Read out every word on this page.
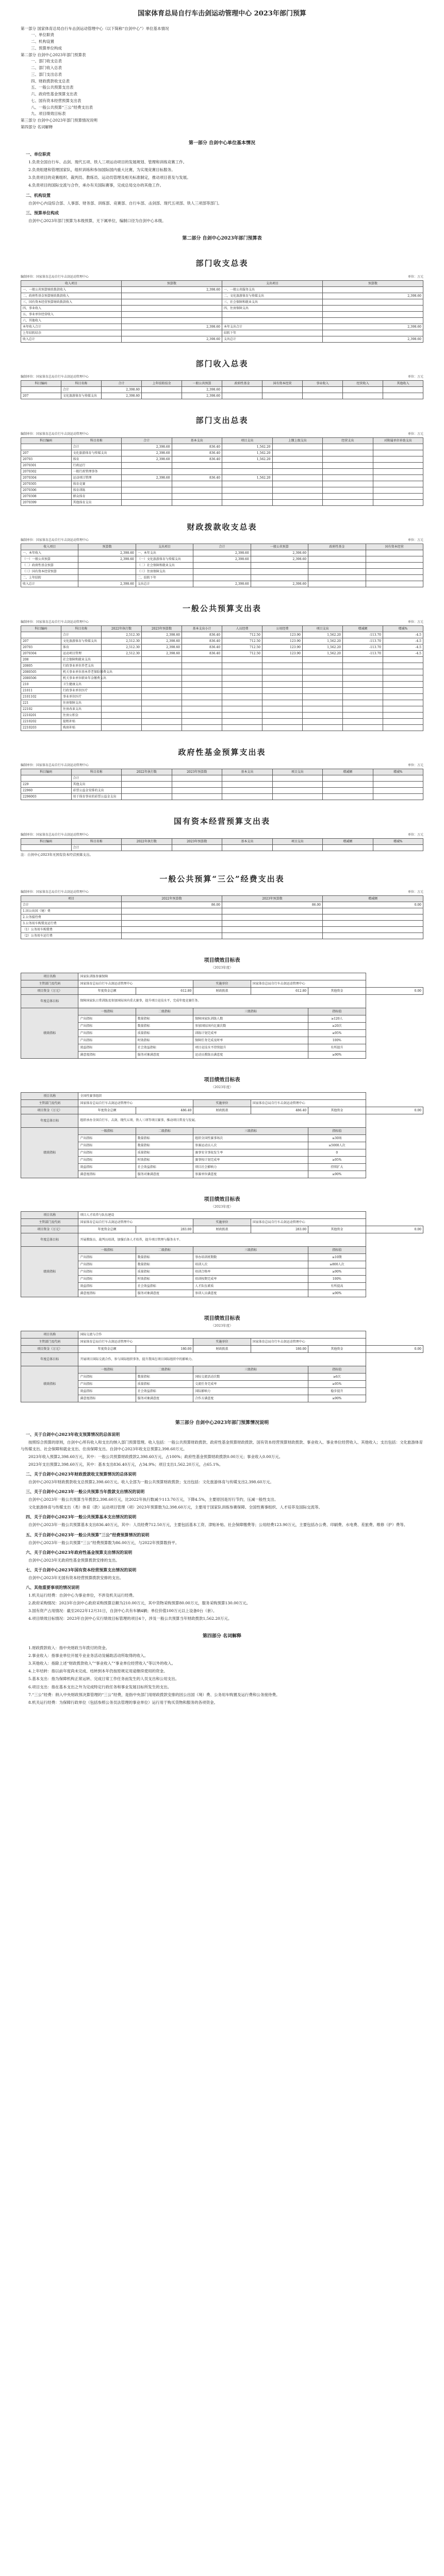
国家体育总局自行车击剑运动管理中心 2023年部门预算
第一部分 国家体育总局自行车击剑运动管理中心（以下简称“自剑中心”）单位基本情况
一、单位职责
二、机构设置
三、预算单位构成
第二部分 自剑中心2023年部门预算表
一、部门收支总表
二、部门收入总表
三、部门支出总表
四、财政拨款收支总表
五、一般公共预算支出表
六、政府性基金预算支出表
七、国有资本经营预算支出表
八、一般公共预算“三公”经费支出表
九、项目绩效目标表
第三部分 自剑中心2023年部门预算情况说明
第四部分 名词解释
第一部分 自剑中心单位基本情况
一、单位职责
1.负责全国自行车、击剑、现代五项、铁人三项运动项目的发展规划、管理和训练竞赛工作。
2.负责组建和管理国家队，组织训练和参加国际国内重大比赛，为实现竞赛目标服务。
3.负责项目的竞赛组织、裁判员、教练员、运动员管理及相关标准制定，推动项目普及与发展。
4.负责项目的国际交流与合作，承办有关国际赛事，完成总局交办的其他工作。
二、机构设置
自剑中心内设综合部、人事部、财务部、训练部、竞赛部、自行车部、击剑部、现代五项部、铁人三项部等部门。
三、预算单位构成
自剑中心2023年部门预算为本级预算，无下属单位，编制口径为自剑中心本级。
第二部分 自剑中心2023年部门预算表
部门收支总表
编制单位：国家体育总局自行车击剑运动管理中心	单位：万元
收入项目	预算数	支出项目	预算数
一、一般公共预算财政拨款收入	2,398.60	一、一般公共服务支出	
二、政府性基金预算财政拨款收入		二、文化旅游体育与传媒支出	2,398.60
三、国有资本经营预算财政拨款收入		三、社会保障和就业支出	
四、事业收入		四、住房保障支出	
五、事业单位经营收入			
六、其他收入			
本年收入合计	2,398.60	本年支出合计	2,398.60
上年结转结余		结转下年	
收入总计	2,398.60	支出总计	2,398.60
部门收入总表
编制单位：国家体育总局自行车击剑运动管理中心	单位：万元
科目编码	科目名称	合计	上年结转结余	一般公共预算	政府性基金	国有资本经营	事业收入	经营收入	其他收入
	合计	2,398.60		2,398.60					
207	文化旅游体育与传媒支出	2,398.60		2,398.60					
部门支出总表
编制单位：国家体育总局自行车击剑运动管理中心	单位：万元
科目编码	科目名称	合计	基本支出	项目支出	上缴上级支出	经营支出	对附属单位补助支出
	合计	2,398.60	836.40	1,562.20			
207	文化旅游体育与传媒支出	2,398.60	836.40	1,562.20			
20703	体育	2,398.60	836.40	1,562.20			
2070301	行政运行						
2070302	一般行政管理事务						
2070304	运动项目管理	2,398.60	836.40	1,562.20			
2070305	体育竞赛						
2070306	体育训练						
2070308	群众体育						
2070399	其他体育支出						
财政拨款收支总表
编制单位：国家体育总局自行车击剑运动管理中心	单位：万元
收入项目	预算数	支出项目	合计	一般公共预算	政府性基金	国有资本经营
一、本年收入	2,398.60	一、本年支出	2,398.60	2,398.60		
（一）一般公共预算	2,398.60	（一）文化旅游体育与传媒支出	2,398.60	2,398.60		
（二）政府性基金预算		（二）社会保障和就业支出				
（三）国有资本经营预算		（三）住房保障支出				
二、上年结转		二、结转下年				
收入总计	2,398.60	支出总计	2,398.60	2,398.60		
一般公共预算支出表
编制单位：国家体育总局自行车击剑运动管理中心	单位：万元
科目编码	科目名称	2022年执行数	2023年预算数	基本支出小计	人员经费	公用经费	项目支出	增减额	增减%
	合计	2,512.30	2,398.60	836.40	712.50	123.90	1,562.20	-113.70	-4.5
207	文化旅游体育与传媒支出	2,512.30	2,398.60	836.40	712.50	123.90	1,562.20	-113.70	-4.5
20703	体育	2,512.30	2,398.60	836.40	712.50	123.90	1,562.20	-113.70	-4.5
2070304	运动项目管理	2,512.30	2,398.60	836.40	712.50	123.90	1,562.20	-113.70	-4.5
208	社会保障和就业支出								
20805	行政事业单位养老支出								
2080505	机关事业单位基本养老保险缴费支出								
2080506	机关事业单位职业年金缴费支出								
210	卫生健康支出								
21011	行政事业单位医疗								
2101102	事业单位医疗								
221	住房保障支出								
22102	住房改革支出								
2210201	住房公积金								
2210202	提租补贴								
2210203	购房补贴								
政府性基金预算支出表
编制单位：国家体育总局自行车击剑运动管理中心	单位：万元
科目编码	科目名称	2022年执行数	2023年预算数	基本支出	项目支出	增减额	增减%
	合计						
229	其他支出						
22960	彩票公益金安排的支出						
2296003	用于体育事业的彩票公益金支出						
国有资本经营预算支出表
编制单位：国家体育总局自行车击剑运动管理中心	单位：万元
科目编码	科目名称	2022年执行数	2023年预算数	基本支出	项目支出	增减额	增减%
	合计						
注：自剑中心2023年无国有资本经营预算支出。
一般公共预算“三公”经费支出表
编制单位：国家体育总局自行车击剑运动管理中心	单位：万元
项目	2022年预算数	2023年预算数	增减额
合计	86.00	86.00	0.00
1.因公出国（境）费			
2.公务接待费			
3.公务用车购置及运行费			
（1）公务用车购置费			
（2）公务用车运行费			
项目绩效目标表
（2023年度）
项目名称	国家队训练参赛保障					
主管部门及代码	国家体育总局自行车击剑运动管理中心		实施单位	国家体育总局自行车击剑运动管理中心		
项目资金（万元）	年度资金总额	612.80	财政拨款	612.80	其他资金	0.00
年度总体目标	保障国家队日常训练及参加国际国内重大赛事，提升项目竞技水平，完成年度竞赛任务。					
绩效指标	一级指标	二级指标	三级指标		指标值	
	产出指标	数量指标	保障国家队训练人数		≥120人	
	产出指标	数量指标	参加国际国内比赛次数		≥20次	
	产出指标	质量指标	训练计划完成率		≥95%	
	产出指标	时效指标	保障任务完成及时率		100%	
	效益指标	社会效益指标	项目竞技水平持续提升		有所提升	
	满意度指标	服务对象满意度	运动员教练员满意度		≥90%	
项目绩效目标表
（2023年度）
项目名称	全国性赛事组织					
主管部门及代码	国家体育总局自行车击剑运动管理中心		实施单位	国家体育总局自行车击剑运动管理中心		
项目资金（万元）	年度资金总额	486.40	财政拨款	486.40	其他资金	0.00
年度总体目标	组织承办全国自行车、击剑、现代五项、铁人三项等项目赛事，推动项目普及与发展。					
绩效指标	一级指标	二级指标	三级指标		指标值	
	产出指标	数量指标	组织全国性赛事场次		≥30场	
	产出指标	数量指标	参赛运动员人次		≥5000人次	
	产出指标	质量指标	赛事安全事故发生率		0	
	产出指标	时效指标	赛事按计划完成率		≥95%	
	效益指标	社会效益指标	项目社会影响力		持续扩大	
	满意度指标	服务对象满意度	参赛单位满意度		≥90%	
项目绩效目标表
（2023年度）
项目名称	项目人才培养与队伍建设					
主管部门及代码	国家体育总局自行车击剑运动管理中心		实施单位	国家体育总局自行车击剑运动管理中心		
项目资金（万元）	年度资金总额	283.00	财政拨款	283.00	其他资金	0.00
年度总体目标	开展教练员、裁判员培训，加强后备人才培养，提升项目管理与服务水平。					
绩效指标	一级指标	二级指标	三级指标		指标值	
	产出指标	数量指标	举办培训班期数		≥10期	
	产出指标	数量指标	培训人次		≥800人次	
	产出指标	质量指标	培训合格率		≥90%	
	产出指标	时效指标	培训按期完成率		100%	
	效益指标	社会效益指标	人才队伍素质		有所提高	
	满意度指标	服务对象满意度	参训人员满意度		≥90%	
项目绩效目标表
（2023年度）
项目名称	国际交流与合作					
主管部门及代码	国家体育总局自行车击剑运动管理中心		实施单位	国家体育总局自行车击剑运动管理中心		
项目资金（万元）	年度资金总额	180.00	财政拨款	180.00	其他资金	0.00
年度总体目标	开展项目国际交流合作，参与国际组织事务，提升我国在项目国际组织中的影响力。					
绩效指标	一级指标	二级指标	三级指标		指标值	
	产出指标	数量指标	国际交流活动次数		≥6次	
	产出指标	质量指标	交流任务完成率		≥95%	
	效益指标	社会效益指标	国际影响力		稳步提升	
	满意度指标	服务对象满意度	合作方满意度		≥90%	
第三部分 自剑中心2023年部门预算情况说明
一、关于自剑中心2023年收支预算情况的总体说明
按照综合预算的原则，自剑中心所有收入和支出均纳入部门预算管理。收入包括：一般公共预算财政拨款、政府性基金预算财政拨款、国有资本经营预算财政拨款、事业收入、事业单位经营收入、其他收入；支出包括：文化旅游体育与传媒支出、社会保障和就业支出、住房保障支出。自剑中心2023年收支总预算2,398.60万元。
2023年收入预算2,398.60万元，其中：一般公共预算财政拨款2,398.60万元，占100%；政府性基金预算财政拨款0.00万元；事业收入0.00万元。
2023年支出预算2,398.60万元，其中：基本支出836.40万元，占34.9%；项目支出1,562.20万元，占65.1%。
二、关于自剑中心2023年财政拨款收支预算情况的总体说明
自剑中心2023年财政拨款收支总预算2,398.60万元。收入全部为一般公共预算财政拨款；支出包括：文化旅游体育与传媒支出2,398.60万元。
三、关于自剑中心2023年一般公共预算当年拨款支出情况的说明
自剑中心2023年一般公共预算当年拨款2,398.60万元，比2022年执行数减少113.70万元，下降4.5%，主要原因是厉行节约，压减一般性支出。
文化旅游体育与传媒支出（类）体育（款）运动项目管理（项）2023年预算数为2,398.60万元，主要用于国家队训练参赛保障、全国性赛事组织、人才培养及国际交流等。
四、关于自剑中心2023年一般公共预算基本支出情况的说明
自剑中心2023年一般公共预算基本支出836.40万元，其中：人员经费712.50万元，主要包括基本工资、津贴补贴、社会保障缴费等；公用经费123.90万元，主要包括办公费、印刷费、水电费、差旅费、维修（护）费等。
五、关于自剑中心2023年一般公共预算“三公”经费预算情况的说明
自剑中心2023年一般公共预算“三公”经费预算数为86.00万元，与2022年预算数持平。
六、关于自剑中心2023年政府性基金预算支出情况的说明
自剑中心2023年无政府性基金预算拨款安排的支出。
七、关于自剑中心2023年国有资本经营预算支出情况的说明
自剑中心2023年无国有资本经营预算拨款安排的支出。
八、其他重要事项的情况说明
1.机关运行经费：自剑中心为事业单位，不涉及机关运行经费。
2.政府采购情况：2023年自剑中心政府采购预算总额为210.00万元，其中货物采购预算80.00万元，服务采购预算130.00万元。
3.国有资产占用情况：截至2022年12月31日，自剑中心共有车辆4辆；单位价值100万元以上设备0台（套）。
4.项目绩效目标情况：2023年自剑中心实行绩效目标管理的项目4个，涉及一般公共预算当年财政拨款1,562.20万元。
第四部分 名词解释
1.财政拨款收入：指中央财政当年拨付的资金。
2.事业收入：指事业单位开展专业业务活动及辅助活动所取得的收入。
3.其他收入：指除上述“财政拨款收入”“事业收入”“事业单位经营收入”等以外的收入。
4.上年结转：指以前年度尚未完成、结转到本年仍按原规定用途继续使用的资金。
5.基本支出：指为保障机构正常运转、完成日常工作任务而发生的人员支出和公用支出。
6.项目支出：指在基本支出之外为完成特定行政任务和事业发展目标所发生的支出。
7.“三公”经费：纳入中央财政预决算管理的“三公”经费，是指中央部门用财政拨款安排的因公出国（境）费、公务用车购置及运行费和公务接待费。
8.机关运行经费：为保障行政单位（包括参照公务员法管理的事业单位）运行用于购买货物和服务的各项资金。
